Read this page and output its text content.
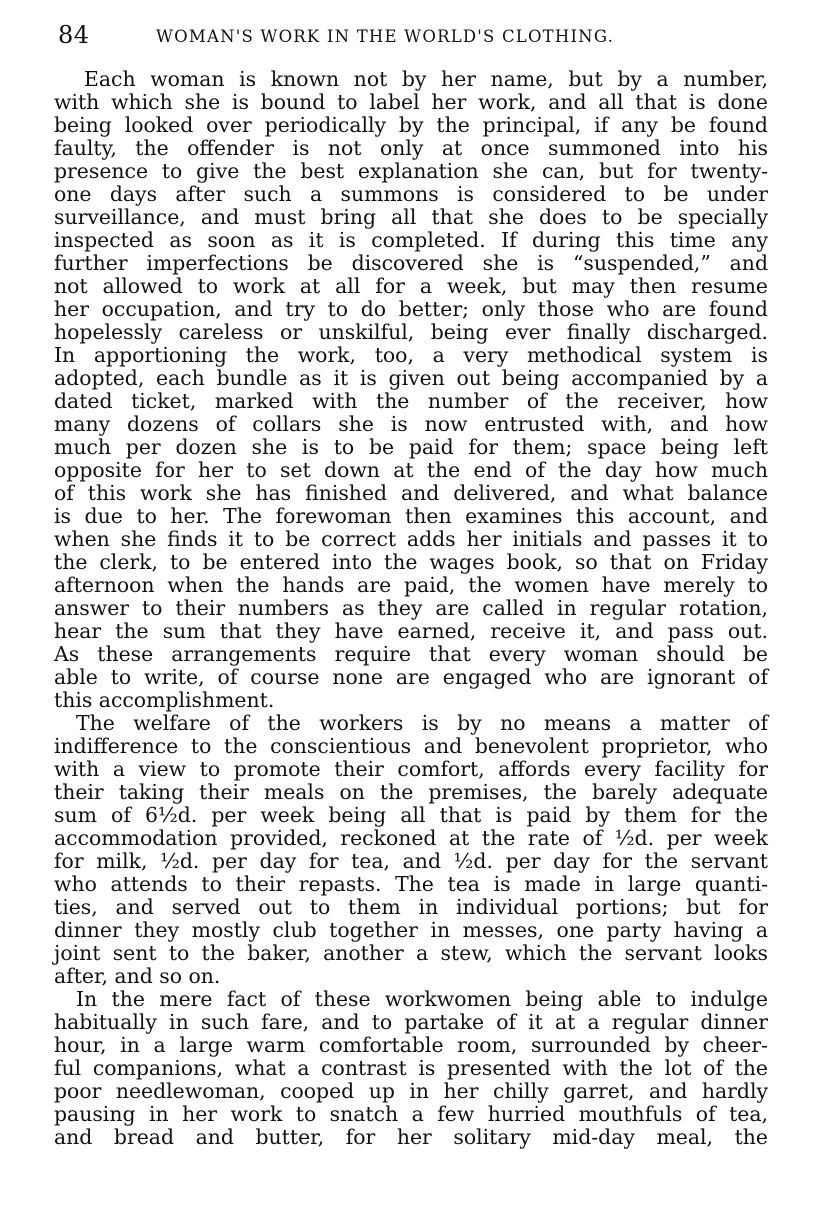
84	WOMAN'S WORK IN THE WORLD'S CLOTHING.
Each woman is known not by her name, but by a number,
with which she is bound to label her work, and all that is done
being looked over periodically by the principal, if any be found
faulty, the offender is not only at once summoned into his
presence to give the best explanation she can, but for twenty-
one days after such a summons is considered to be under
surveillance, and must bring all that she does to be specially
inspected as soon as it is completed. If during this time any
further imperfections be discovered she is “suspended,” and
not allowed to work at all for a week, but may then resume
her occupation, and try to do better; only those who are found
hopelessly careless or unskilful, being ever finally discharged.
In apportioning the work, too, a very methodical system is
adopted, each bundle as it is given out being accompanied by a
dated ticket, marked with the number of the receiver, how
many dozens of collars she is now entrusted with, and how
much per dozen she is to be paid for them; space being left
opposite for her to set down at the end of the day how much
of this work she has finished and delivered, and what balance
is due to her. The forewoman then examines this account, and
when she finds it to be correct adds her initials and passes it to
the clerk, to be entered into the wages book, so that on Friday
afternoon when the hands are paid, the women have merely to
answer to their numbers as they are called in regular rotation,
hear the sum that they have earned, receive it, and pass out.
As these arrangements require that every woman should be
able to write, of course none are engaged who are ignorant of
this accomplishment.
The welfare of the workers is by no means a matter of
indifference to the conscientious and benevolent proprietor, who
with a view to promote their comfort, affords every facility for
their taking their meals on the premises, the barely adequate
sum of 6½d. per week being all that is paid by them for the
accommodation provided, reckoned at the rate of ½d. per week
for milk, ½d. per day for tea, and ½d. per day for the servant
who attends to their repasts. The tea is made in large quanti-
ties, and served out to them in individual portions; but for
dinner they mostly club together in messes, one party having a
joint sent to the baker, another a stew, which the servant looks
after, and so on.
In the mere fact of these workwomen being able to indulge
habitually in such fare, and to partake of it at a regular dinner
hour, in a large warm comfortable room, surrounded by cheer-
ful companions, what a contrast is presented with the lot of the
poor needlewoman, cooped up in her chilly garret, and hardly
pausing in her work to snatch a few hurried mouthfuls of tea,
and bread and butter, for her solitary mid-day meal, the
